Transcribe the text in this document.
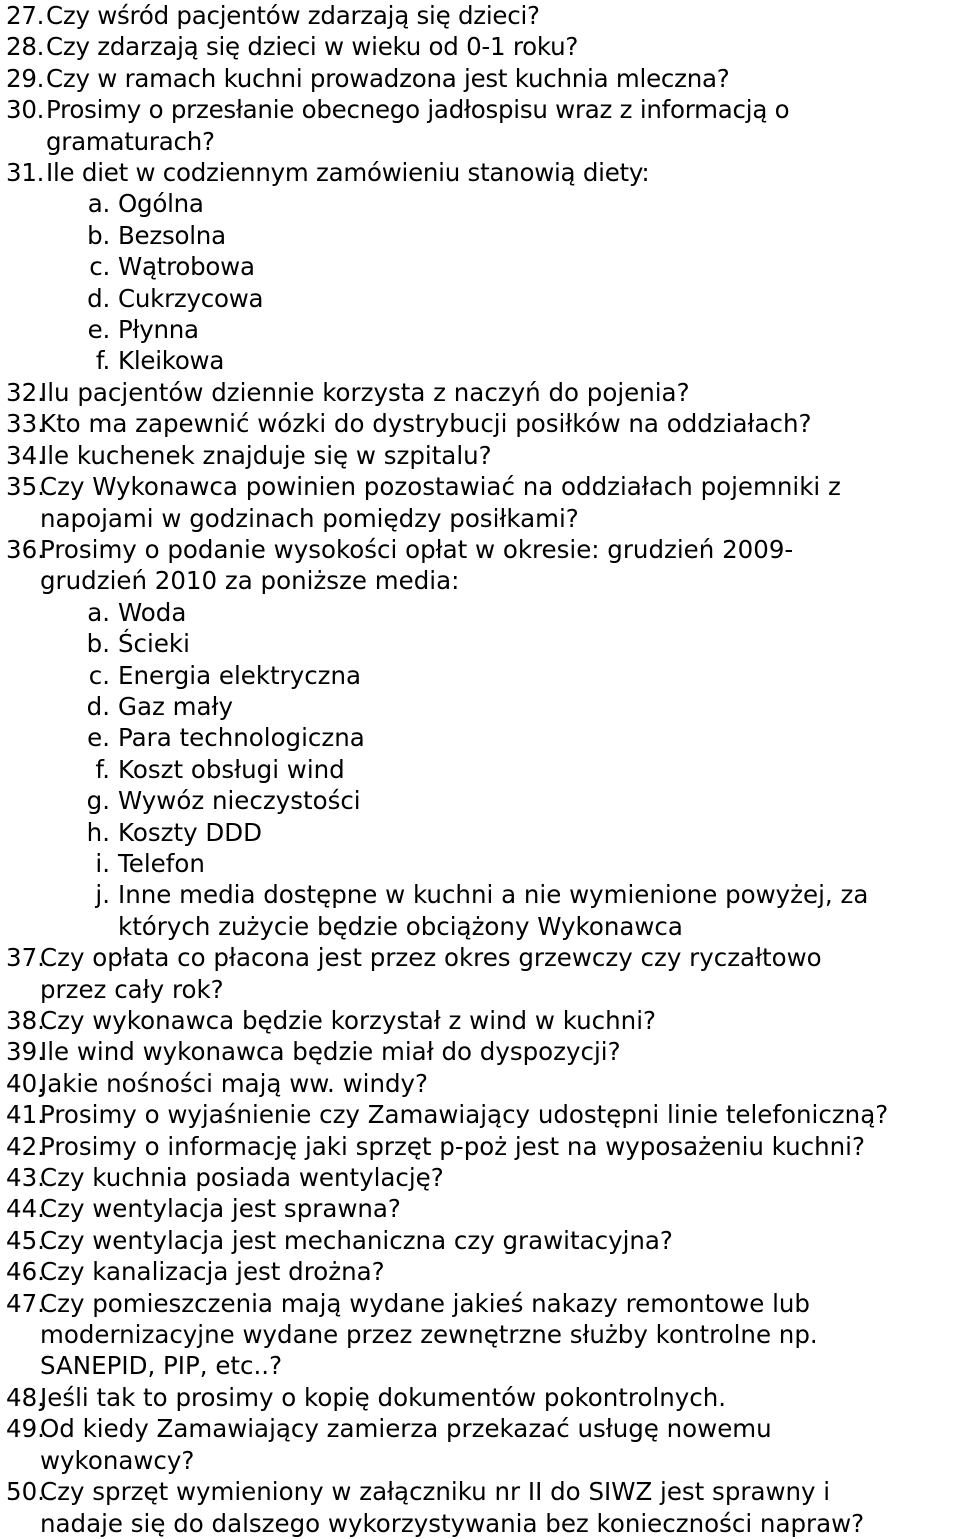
27. Czy wśród pacjentów zdarzają się dzieci?
28. Czy zdarzają się dzieci w wieku od 0-1 roku?
29. Czy w ramach kuchni prowadzona jest kuchnia mleczna?
30. Prosimy o przesłanie obecnego jadłospisu wraz z informacją o
gramaturach?
31. Ile diet w codziennym zamówieniu stanowią diety:
a. Ogólna
b. Bezsolna
c. Wątrobowa
d. Cukrzycowa
e. Płynna
f. Kleikowa
32.
Ilu pacjentów dziennie korzysta z naczyń do pojenia?
33.
Kto ma zapewnić wózki do dystrybucji posiłków na oddziałach?
34.
Ile kuchenek znajduje się w szpitalu?
35.
Czy Wykonawca powinien pozostawiać na oddziałach pojemniki z
napojami w godzinach pomiędzy posiłkami?
36.
Prosimy o podanie wysokości opłat w okresie: grudzień 2009-
grudzień 2010 za poniższe media:
a. Woda
b. Ścieki
c. Energia elektryczna
d. Gaz mały
e. Para technologiczna
f. Koszt obsługi wind
g. Wywóz nieczystości
h. Koszty DDD
i. Telefon
j. Inne media dostępne w kuchni a nie wymienione powyżej, za
których zużycie będzie obciążony Wykonawca
37.
Czy opłata co płacona jest przez okres grzewczy czy ryczałtowo
przez cały rok?
38.
Czy wykonawca będzie korzystał z wind w kuchni?
39.
Ile wind wykonawca będzie miał do dyspozycji?
40.
Jakie nośności mają ww. windy?
41.
Prosimy o wyjaśnienie czy Zamawiający udostępni linie telefoniczną?
42.
Prosimy o informację jaki sprzęt p-poż jest na wyposażeniu kuchni?
43.
Czy kuchnia posiada wentylację?
44.
Czy wentylacja jest sprawna?
45.
Czy wentylacja jest mechaniczna czy grawitacyjna?
46.
Czy kanalizacja jest drożna?
47.
Czy pomieszczenia mają wydane jakieś nakazy remontowe lub
modernizacyjne wydane przez zewnętrzne służby kontrolne np.
SANEPID, PIP, etc..?
48.
Jeśli tak to prosimy o kopię dokumentów pokontrolnych.
49.
Od kiedy Zamawiający zamierza przekazać usługę nowemu
wykonawcy?
50.
Czy sprzęt wymieniony w załączniku nr II do SIWZ jest sprawny i
nadaje się do dalszego wykorzystywania bez konieczności napraw?
